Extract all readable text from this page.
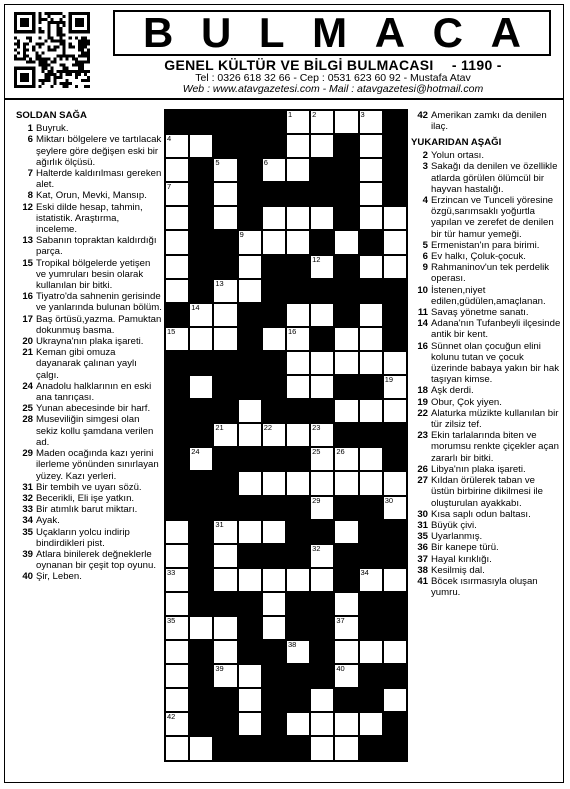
B U L M A C A
GENEL KÜLTÜR VE BİLGİ BULMACASI - 1190 -
Tel : 0326 618 32 66 - Cep : 0531 623 60 92 - Mustafa Atav
Web : www.atavgazetesi.com - Mail : atavgazetesi@hotmail.com
SOLDAN SAĞA
1 Buyruk.
6 Miktarı bölgelere ve tartılacak şeylere göre değişen eski bir ağırlık ölçüsü.
7 Halterde kaldırılması gereken alet.
8 Kat, Orun, Mevki, Mansıp.
12 Eski dilde hesap, tahmin, istatistik. Araştırma, inceleme.
13 Sabanın topraktan kaldırdığı parça.
15 Tropikal bölgelerde yetişen ve yumruları besin olarak kullanılan bir bitki.
16 Tiyatro'da sahnenin gerisinde ve yanlarında bulunan bölüm.
17 Baş örtüsü,yazma. Pamuktan dokunmuş basma.
20 Ukrayna'nın plaka işareti.
21 Keman gibi omuza dayanarak çalınan yaylı çalgı.
24 Anadolu halklarının en eski ana tanrıçası.
25 Yunan abecesinde bir harf.
28 Museviliğin simgesi olan sekiz kollu şamdana verilen ad.
29 Maden ocağında kazı yerini ilerleme yönünden sınırlayan yüzey. Kazı yerleri.
31 Bir tembih ve uyarı sözü.
32 Becerikli, Eli işe yatkın.
33 Bir atımlık barut miktarı.
34 Ayak.
35 Uçakların yolcu indirip bindirdikleri pist.
39 Atlara binilerek değneklerle oynanan bir çeşit top oyunu.
40 Şir, Leben.
42 Amerikan zamkı da denilen ilaç.
YUKARIDAN AŞAĞI
2 Yolun ortası.
3 Sakağı da denilen ve özellikle atlarda görülen ölümcül bir hayvan hastalığı.
4 Erzincan ve Tunceli yöresine özgü,sarımsaklı yoğurtla yapılan ve zerefet de denilen bir tür hamur yemeği.
5 Ermenistan'ın para birimi.
6 Ev halkı, Çoluk-çocuk.
9 Rahmaninov'un tek perdelik operası.
10 İstenen,niyet edilen,güdülen,amaçlanan.
11 Savaş yönetme sanatı.
14 Adana'nın Tufanbeyli ilçesinde antik bir kent.
16 Sünnet olan çocuğun elini kolunu tutan ve çocuk üzerinde babaya yakın bir hak taşıyan kimse.
18 Aşk derdi.
19 Obur, Çok yiyen.
22 Alaturka müzikte kullanılan bir tür zilsiz tef.
23 Ekin tarlalarında biten ve morumsu renkte çiçekler açan zararlı bir bitki.
26 Libya'nın plaka işareti.
27 Kıldan örülerek taban ve üstün birbirine dikilmesi ile oluşturulan ayakkabı.
30 Kısa saplı odun baltası.
31 Büyük çivi.
35 Uyarlanmış.
36 Bir kanepe türü.
37 Hayal kırıklığı.
38 Kesilmiş dal.
41 Böcek ısırmasıyla oluşan yumru.
1	2	3
4
5	6
7
8	9	10	11
12
13
14
15	16
17
18	19
20
21	22	23
24	25 26
27	28
29	30
31
32
33	34
35	36	37
38
39	40	41
42
